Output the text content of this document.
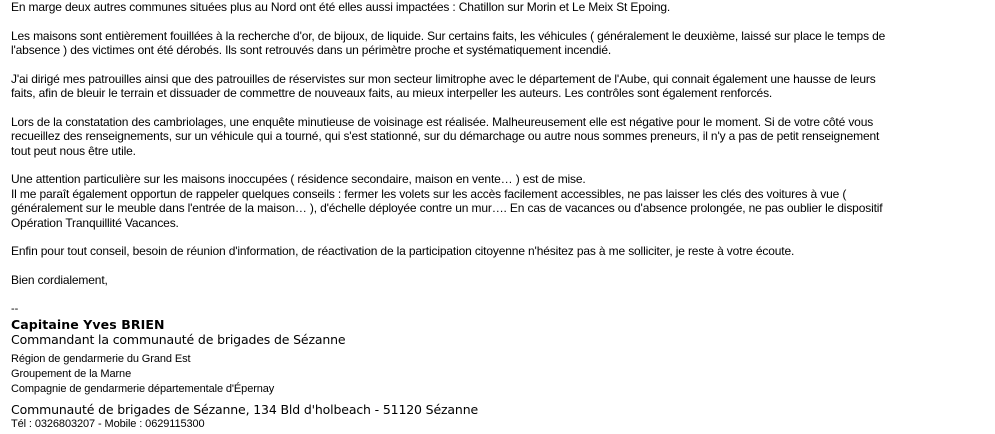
En marge deux autres communes situées plus au Nord ont été elles aussi impactées : Chatillon sur Morin et Le Meix St Epoing.

Les maisons sont entièrement fouillées à la recherche d'or, de bijoux, de liquide. Sur certains faits, les véhicules ( généralement le deuxième, laissé sur place le temps de
l'absence ) des victimes ont été dérobés. Ils sont retrouvés dans un périmètre proche et systématiquement incendié.

J'ai dirigé mes patrouilles ainsi que des patrouilles de réservistes sur mon secteur limitrophe avec le département de l'Aube, qui connait également une hausse de leurs
faits, afin de bleuir le terrain et dissuader de commettre de nouveaux faits, au mieux interpeller les auteurs. Les contrôles sont également renforcés.

Lors de la constatation des cambriolages, une enquête minutieuse de voisinage est réalisée. Malheureusement elle est négative pour le moment. Si de votre côté vous
recueillez des renseignements, sur un véhicule qui a tourné, qui s'est stationné, sur du démarchage ou autre nous sommes preneurs, il n'y a pas de petit renseignement
tout peut nous être utile.

Une attention particulière sur les maisons inoccupées ( résidence secondaire, maison en vente… ) est de mise.
Il me paraît également opportun de rappeler quelques conseils : fermer les volets sur les accès facilement accessibles, ne pas laisser les clés des voitures à vue (
généralement sur le meuble dans l'entrée de la maison… ), d'échelle déployée contre un mur…. En cas de vacances ou d'absence prolongée, ne pas oublier le dispositif
Opération Tranquillité Vacances.

Enfin pour tout conseil, besoin de réunion d'information, de réactivation de la participation citoyenne n'hésitez pas à me solliciter, je reste à votre écoute.

Bien cordialement,

--
Capitaine Yves BRIEN
Commandant la communauté de brigades de Sézanne
Région de gendarmerie du Grand Est
Groupement de la Marne
Compagnie de gendarmerie départementale d'Épernay
Communauté de brigades de Sézanne, 134 Bld d'holbeach - 51120 Sézanne
Tél : 0326803207 - Mobile : 0629115300
